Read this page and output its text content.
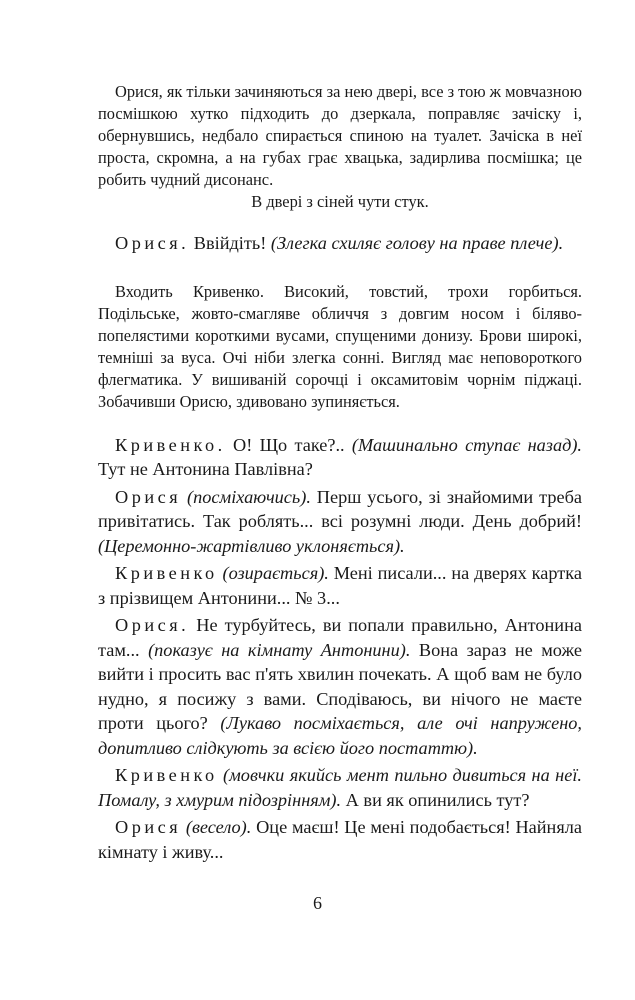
Орися, як тільки зачиняються за нею двері, все з тою ж мовчазною посмішкою хутко підходить до дзеркала, поправляє зачіску і, обернувшись, недбало спирається спиною на туалет. Зачіска в неї проста, скромна, а на губах грає хвацька, задирлива посмішка; це робить чудний дисонанс.

В двері з сіней чути стук.

Орися. Ввійдіть! (Злегка схиляє голову на праве плече).

Входить Кривенко. Високий, товстий, трохи горбиться. Подільське, жовто-смагляве обличчя з довгим носом і біляво-попелястими короткими вусами, спущеними донизу. Брови широкі, темніші за вуса. Очі ніби злегка сонні. Вигляд має неповороткого флегматика. У вишиваній сорочці і оксамитовім чорнім піджаці. Зобачивши Орисю, здивовано зупиняється.

Кривенко. О! Що таке?.. (Машинально ступає назад). Тут не Антонина Павлівна?

Орися (посміхаючись). Перш усього, зі знайомими треба привітатись. Так роблять... всі розумні люди. День добрий! (Церемонно-жартівливо уклоняється).

Кривенко (озирається). Мені писали... на дверях картка з прізвищем Антонини... № 3...

Орися. Не турбуйтесь, ви попали правильно, Антонина там... (показує на кімнату Антонини). Вона зараз не може вийти і просить вас п'ять хвилин почекать. А щоб вам не було нудно, я посижу з вами. Сподіваюсь, ви нічого не маєте проти цього? (Лукаво посміхається, але очі напружено, допитливо слідкують за всією його постаттю).

Кривенко (мовчки якийсь мент пильно дивиться на неї. Помалу, з хмурим підозрінням). А ви як опинились тут?

Орися (весело). Оце маєш! Це мені подобається! Найняла кімнату і живу...

6
